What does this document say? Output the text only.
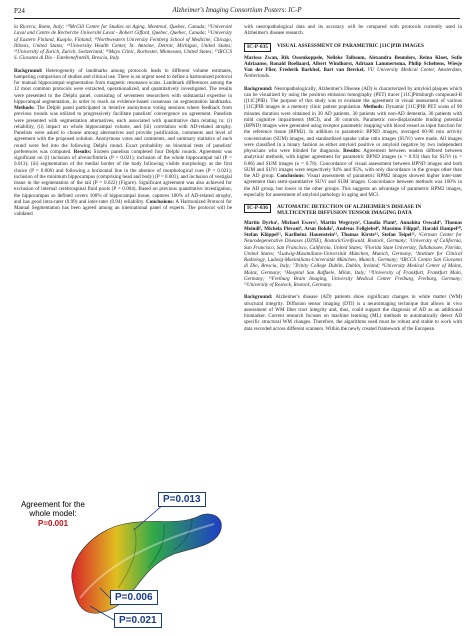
P24	Alzheimer's Imaging Consortium Posters: IC-P

la Ricerca, Rome, Italy; ¹⁰McGill Centre for Studies on Aging, Montreal, Quebec, Canada; ¹¹Université Laval and Centre de Recherche Université Laval - Robert Giffard, Quebec, Quebec, Canada; ¹²University of Eastern Finland, Kuopio, Finland; ¹³Northwestern University Feinberg School of Medicine, Chicago, Illinois, United States; ¹⁴University Health Center, St. Antoine, Detroit, Michigan, United States; ¹⁵University of Zurich, Zurich, Switzerland; ¹⁶Mayo Clinic, Rochester, Minnesota, United States; ¹⁷IRCCS S. Giovanni di Dio - Fatebenefratelli, Brescia, Italy.

Background: Heterogeneity of landmarks among protocols leads to different volume estimates, hampering comparison of studies and clinical use. There is an urgent need to define a harmonized protocol for manual hippocampal segmentation from magnetic resonance scans. Landmark differences among the 12 most common protocols were extracted, operationalized, and quantitatively investigated. The results were presented to the Delphi panel, consisting of seventeen researchers with substantial expertise in hippocampal segmentation, in order to reach an evidence-based consensus on segmentation landmarks. Methods: The Delphi panel participated in iterative anonymous voting sessions where feedback from previous rounds was utilized to progressively facilitate panelists' convergence on agreement. Panelists were presented with segmentation alternatives, each associated with quantitative data relating to: (i) reliability, (ii) impact on whole hippocampal volume, and (iii) correlation with AD-related atrophy. Panelists were asked to choose among alternatives and provide justification, comments and level of agreement with the proposed solution. Anonymous votes and comments, and summary statistics of each round were fed into the following Delphi round. Exact probability on binomial tests of panelists' preferences was computed. Results: Sixteen panelists completed four Delphi rounds. Agreement was significant on (i) inclusion of alveus/fimbria (P = 0.021); inclusion of the whole hippocampal tail (P = 0.013); (iii) segmentation of the medial border of the body following visible morphology as the first choice (P = 0.006) and following a horizontal line in the absence of morphological cues (P = 0.021); inclusion of the minimum hippocampus (comprising head and body) (P = 0.001), and inclusion of vestigial tissue in the segmentation of the tail (P = 0.022) (Figure). Significant agreement was also achieved for exclusion of internal cerebrospinal fluid pools (P = 0.004). Based on previous quantitative investigation, the hippocampus so defined covers 100% of hippocampal tissue, captures 100% of AD-related atrophy, and has good intra-rater (0.99) and inter-rater (0.94) reliability. Conclusions: A Harmonized Protocol for Manual Segmentation has been agreed among an international panel of experts. The protocol will be validated

Agreement for the whole model:
P=0.001
P=0.013
P=0.006
P=0.021

with neuropathological data and its accuracy will be compared with protocols currently used in Alzheimer's disease research.

IC-P-035	VISUAL ASSESSMENT OF PARAMETRIC [11C]PIB IMAGES

Marissa Zwan, Rik Ossenkoppele, Nelleke Tolboom, Alexandra Beunders, Reina Kloet, Sofie Adriaanse, Ronald Boellaard, Albert Windhorst, Adriaan Lammertsma, Philip Scheltens, Wiesje Van der Flier, Frederik Barkhof, Bart van Berckel, VU University Medical Center, Amsterdam, Netherlands.

Background: Neuropathologically, Alzheimer's Disease (AD) is characterized by amyloid plaques which can be visualized by using the positron emission tomography (PET) tracer [11C]Pittsburgh compound-B ([11C]PIB). The purpose of this study was to evaluate the agreement in visual assessment of various [11C]PIB images in a memory clinic patient population. Methods: Dynamic [11C]PIB PET scans of 90 minutes duration were obtained in 30 AD patients, 30 patients with non-AD dementia, 30 patients with mild cognitive impairments (MCI), and 30 controls. Parametric non-displaceable binding potential (BPND) images were generated using receptor parametric mapping with blood vessel as input function for the reference tissue (RPM2). In addition to parametric BPND images, averaged 60-90 min activity concentration (SUM) images, and standardized uptake value ratio images (SUVr) were made. All images were classified in a binary fashion as either amyloid positive or amyloid negative by two independent physicians who were blinded for diagnosis. Results: Agreement between readers differed between analytical methods, with higher agreement for parametric BPND images (κ = 0.93) than for SUVr (κ = 0.86) and SUM images (κ = 0.78). Concordance of visual assessment between BPND images and both SUM and SUVr images were respectively 94% and 95%, with only discordance in the groups other than the AD group. Conclusions: Visual assessment of parametric RPM2 images showed higher inter-rater agreement than semi-quantitative SUVr and SUM images. Concordance between methods was 100% in the AD group, but lower in the other groups. This suggests an advantage of parametric RPM2 images, especially for assessment of amyloid pathology in aging and MCI.

IC-P-036	AUTOMATIC DETECTION OF ALZHEIMER'S DISEASE IN MULTICENTER DIFFUSION TENSOR IMAGING DATA

Martin Dyrba¹, Michael Ewers², Martin Wegrzyn³, Claudia Plant⁴, Annahita Oswald⁴, Thomas Meindl⁵, Michela Pievani⁶, Arun Bokde⁷, Andreas Fellgiebel⁸, Massimo Filippi⁹, Harald Hampel¹⁰, Stefan Klöppel¹¹, Karlheinz Hauenstein¹², Thomas Kirste¹², Stefan Teipel¹², ¹German Center for Neurodegenerative Diseases (DZNE), Rostock/Greifswald, Rostock, Germany; ²University of California, San Francisco, San Francisco, California, United States; ³Florida State University, Tallahassee, Florida, United States; ⁴Ludwig-Maximilians-Universität München, Munich, Germany; ⁵Institute for Clinical Radiology, Ludwig-Maximilians-Universität München, Munich, Germany; ⁶IRCCS Centro San Giovanni di Dio, Brescia, Italy; ⁷Trinity College Dublin, Dublin, Ireland; ⁸University Medical Center of Mainz, Mainz, Germany; ⁹Hospital San Raffaele, Milan, Italy; ¹⁰University of Frankfurt, Frankfurt Main, Germany; ¹¹Freiburg Brain Imaging, University Medical Center Freiburg, Freiburg, Germany; ¹²University of Rostock, Rostock, Germany.

Background: Alzheimer's disease (AD) patients show significant changes in white matter (WM) structural integrity. Diffusion tensor imaging (DTI) is a neuroimaging technique that allows in vivo assessment of WM fiber tract integrity and, thus, could support the diagnosis of AD as an additional biomarker. Current research focuses on machine learning (ML) methods to automatically detect AD specific structural WM changes. Therefore, the algorithms used must be robust and stable to work with data recorded across different scanners. Within the newly created framework of the European
